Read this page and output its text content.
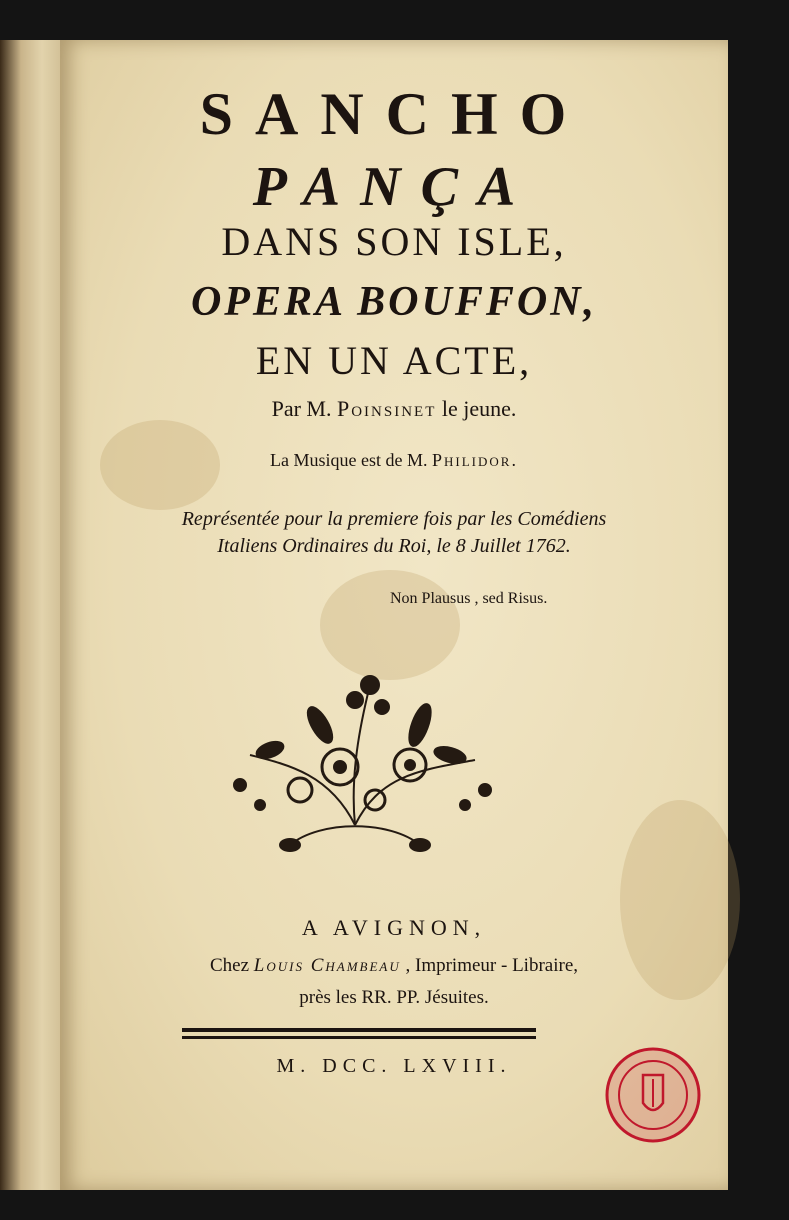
SANCHO
PANÇA
DANS SON ISLE,
OPERA BOUFFON,
EN UN ACTE,
Par M. Poinsinet le jeune.
La Musique est de M. Philidor.
Représentée pour la premiere fois par les Comédiens
Italiens Ordinaires du Roi, le 8 Juillet 1762.
Non Plausus , sed Risus.
A AVIGNON,
Chez Louis Chambeau , Imprimeur - Libraire,
près les RR. PP. Jésuites.
M. DCC. LXVIII.
